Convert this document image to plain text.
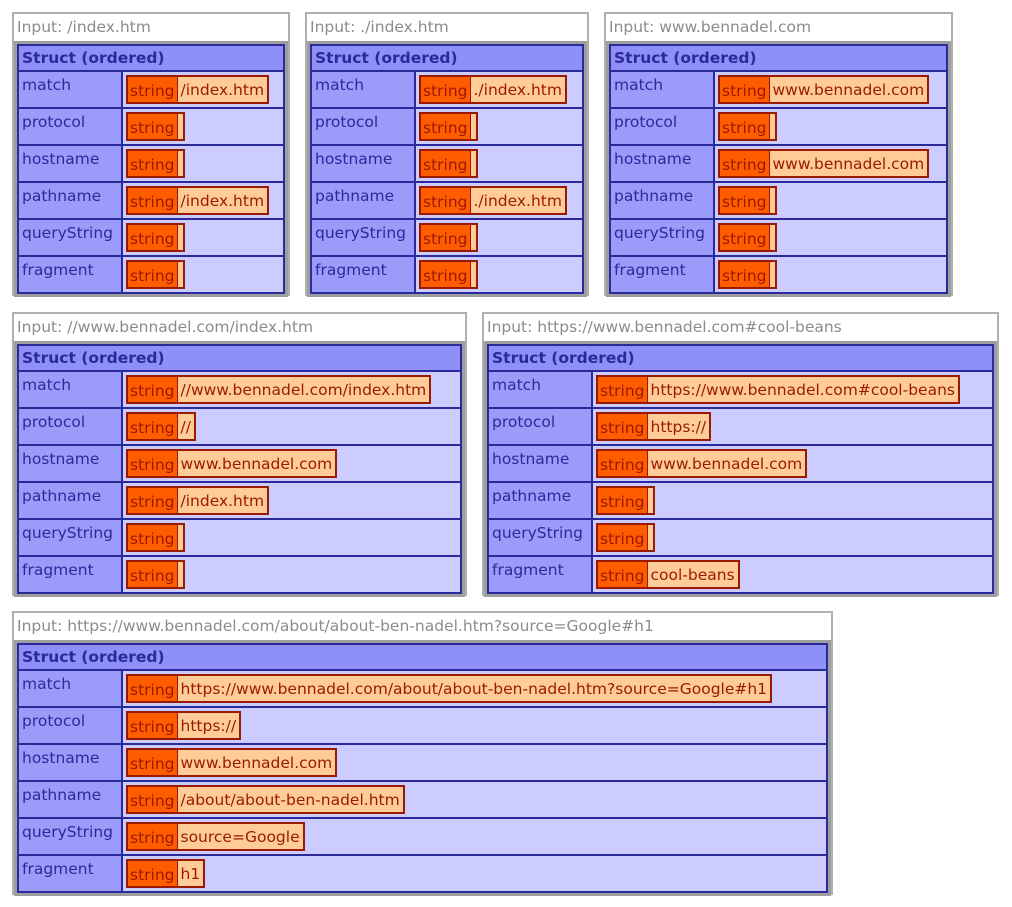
Input: /index.htm
Struct (ordered)	
match	string /index.htm

protocol	string

hostname	string

pathname	string /index.htm

queryString	string

fragment	string
Input: ./index.htm
Struct (ordered)	
match	string ./index.htm

protocol	string

hostname	string

pathname	string ./index.htm

queryString	string

fragment	string
Input: www.bennadel.com
Struct (ordered)	
match	string www.bennadel.com

protocol	string

hostname	string www.bennadel.com

pathname	string

queryString	string

fragment	string
Input: //www.bennadel.com/index.htm
Struct (ordered)	
match	string //www.bennadel.com/index.htm

protocol	string //

hostname	string www.bennadel.com

pathname	string /index.htm

queryString	string

fragment	string
Input: https://www.bennadel.com#cool-beans
Struct (ordered)	
match	string https://www.bennadel.com#cool-beans

protocol	string https://

hostname	string www.bennadel.com

pathname	string

queryString	string

fragment	string cool-beans
Input: https://www.bennadel.com/about/about-ben-nadel.htm?source=Google#h1
Struct (ordered)	
match	string https://www.bennadel.com/about/about-ben-nadel.htm?source=Google#h1

protocol	string https://

hostname	string www.bennadel.com

pathname	string /about/about-ben-nadel.htm

queryString	string source=Google

fragment	string h1
